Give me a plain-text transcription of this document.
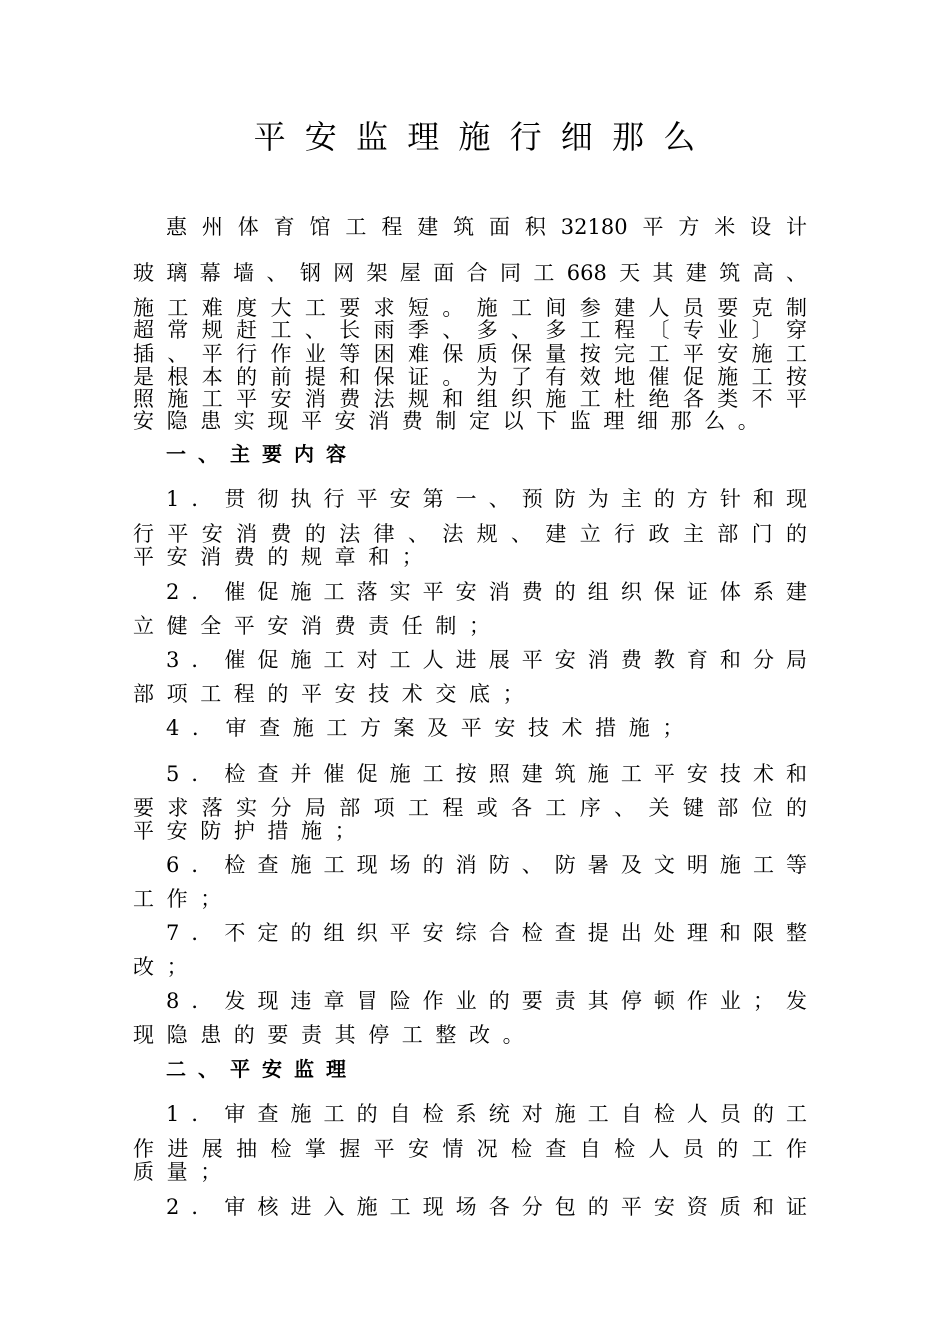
平安监理施行细那么
惠州体育馆工程建筑面积32180平方米设计
玻璃幕墙、钢网架屋面合同工668天其建筑高、
施工难度大工要求短。施工间参建人员要克制
超常规赶工、长雨季、多、多工程〔专业〕穿
插、平行作业等困难保质保量按完工平安施工
是根本的前提和保证。为了有效地催促施工按
照施工平安消费法规和组织施工杜绝各类不平
安隐患实现平安消费制定以下监理细那么。
一、主要内容
1．贯彻执行平安第一、预防为主的方针和现
行平安消费的法律、法规、建立行政主部门的
平安消费的规章和；
2．催促施工落实平安消费的组织保证体系建
立健全平安消费责任制；
3．催促施工对工人进展平安消费教育和分局
部项工程的平安技术交底；
4．审查施工方案及平安技术措施；
5．检查并催促施工按照建筑施工平安技术和
要求落实分局部项工程或各工序、关键部位的
平安防护措施；
6．检查施工现场的消防、防暑及文明施工等
工作；
7．不定的组织平安综合检查提出处理和限整
改；
8．发现违章冒险作业的要责其停顿作业；发
现隐患的要责其停工整改。
二、平安监理
1．审查施工的自检系统对施工自检人员的工
作进展抽检掌握平安情况检查自检人员的工作
质量；
2．审核进入施工现场各分包的平安资质和证
